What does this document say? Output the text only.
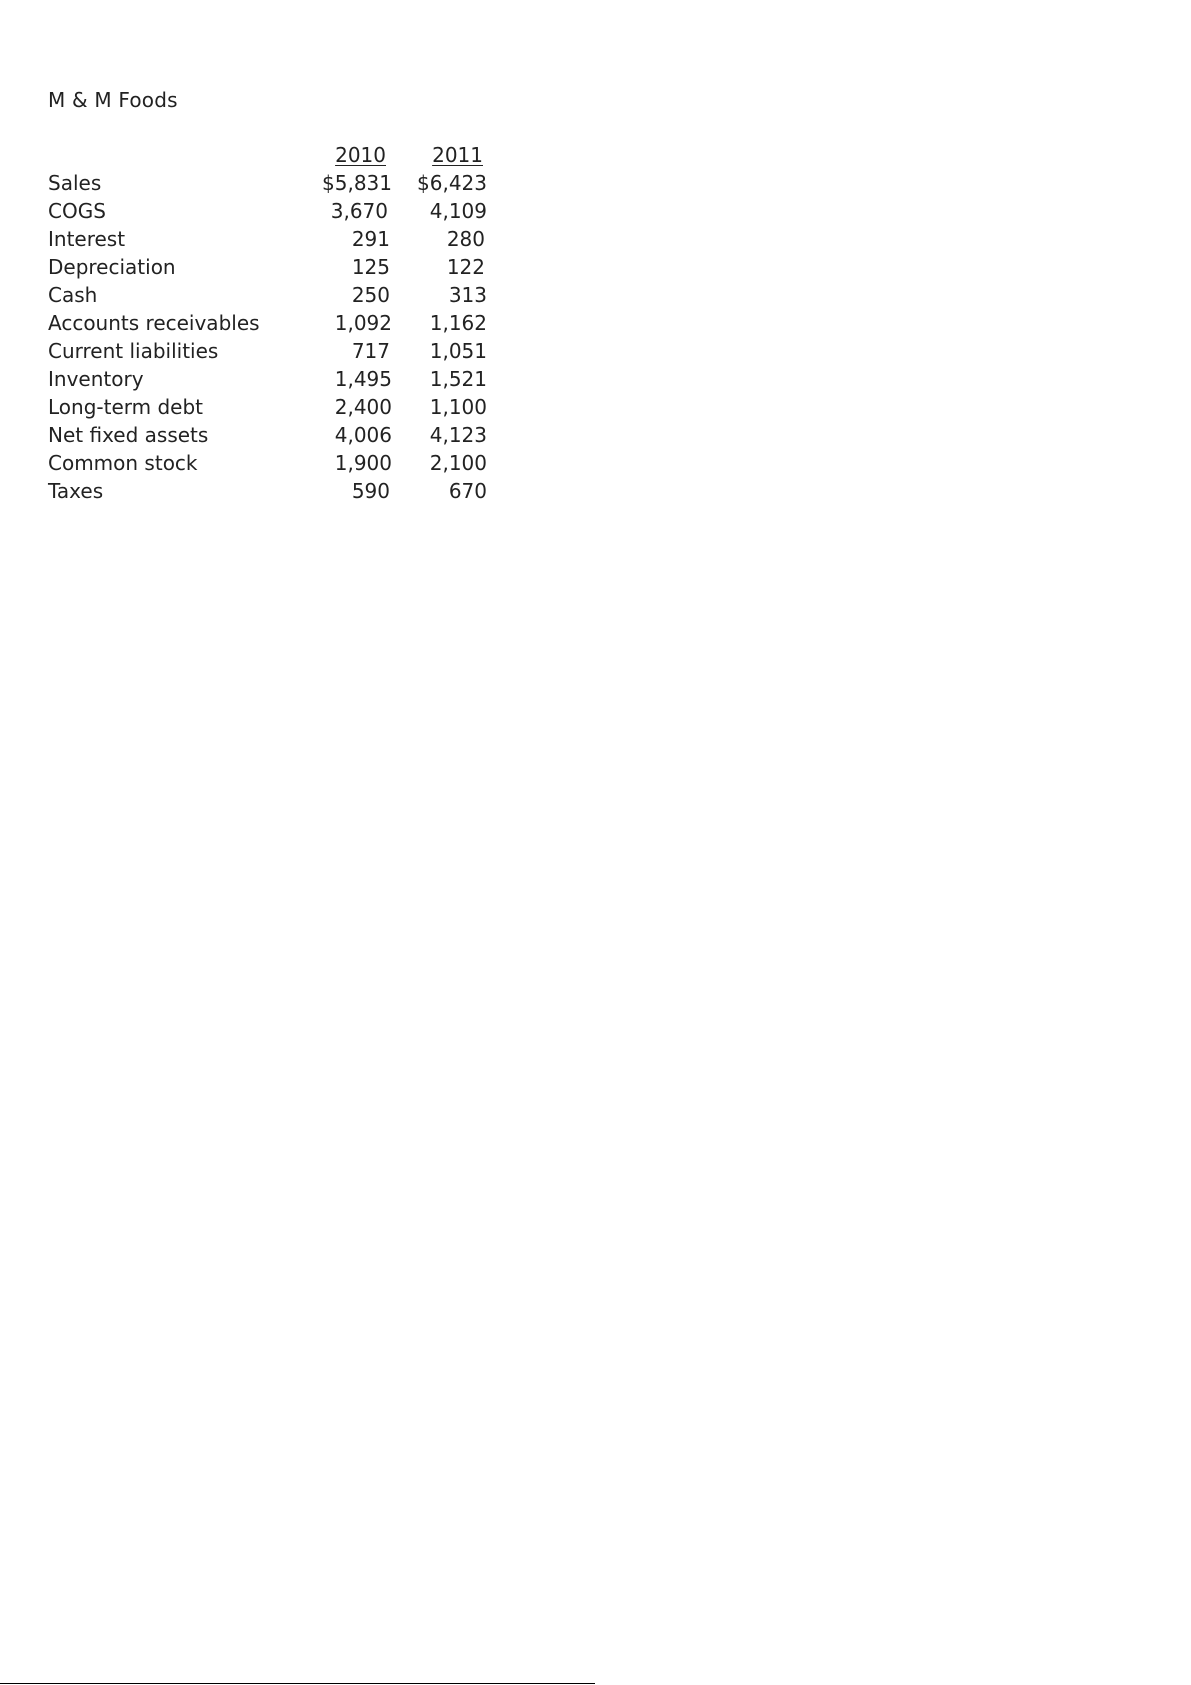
M & M Foods
	2010	2011
Sales	$5,831	$6,423
COGS	3,670	4,109
Interest	291	280
Depreciation	125	122
Cash	250	313
Accounts receivables	1,092	1,162
Current liabilities	717	1,051
Inventory	1,495	1,521
Long-term debt	2,400	1,100
Net fixed assets	4,006	4,123
Common stock	1,900	2,100
Taxes	590	670
